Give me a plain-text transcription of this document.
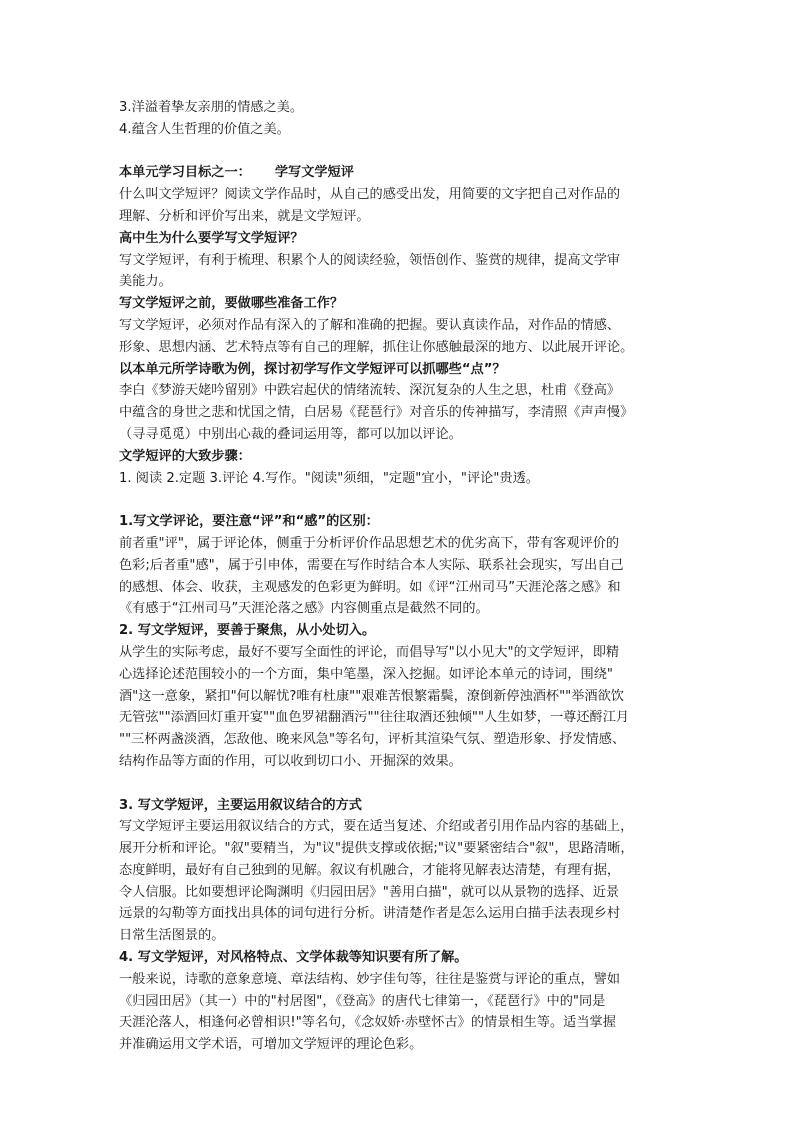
3.洋溢着挚友亲朋的情感之美。

4.蕴含人生哲理的价值之美。

本单元学习目标之一： 学写文学短评

什么叫文学短评？阅读文学作品时，从自己的感受出发，用简要的文字把自己对作品的

理解、分析和评价写出来，就是文学短评。

高中生为什么要学写文学短评？

写文学短评，有利于梳理、积累个人的阅读经验，领悟创作、鉴赏的规律，提高文学审

美能力。

写文学短评之前，要做哪些准备工作？

写文学短评，必须对作品有深入的了解和准确的把握。要认真读作品，对作品的情感、

形象、思想内涵、艺术特点等有自己的理解，抓住让你感触最深的地方、以此展开评论。

以本单元所学诗歌为例，探讨初学写作文学短评可以抓哪些“点”？

李白《梦游天姥吟留别》中跌宕起伏的情绪流转、深沉复杂的人生之思，杜甫《登高》

中蕴含的身世之悲和忧国之情，白居易《琵琶行》对音乐的传神描写，李清照《声声慢》

（寻寻觅觅）中别出心裁的叠词运用等，都可以加以评论。

文学短评的大致步骤：

1. 阅读 2.定题 3.评论 4.写作。"阅读"须细，"定题"宜小，"评论"贵透。

1.写文学评论，要注意“评”和“感”的区别：

前者重"评"，属于评论体，侧重于分析评价作品思想艺术的优劣高下，带有客观评价的

色彩;后者重"感"，属于引申体，需要在写作时结合本人实际、联系社会现实，写出自己

的感想、体会、收获，主观感发的色彩更为鲜明。如《评“江州司马”天涯沦落之感》和

《有感于“江州司马”天涯沦落之感》内容侧重点是截然不同的。

2. 写文学短评，要善于聚焦，从小处切入。

从学生的实际考虑，最好不要写全面性的评论，而倡导写"以小见大"的文学短评，即精

心选择论述范围较小的一个方面，集中笔墨，深入挖掘。如评论本单元的诗词，围绕"

酒"这一意象，紧扣"何以解忧?唯有杜康""艰难苦恨繁霜鬓，潦倒新停浊酒杯""举酒欲饮

无管弦""添酒回灯重开宴""血色罗裙翻酒污""往往取酒还独倾""人生如梦，一尊还酹江月

""三杯两盏淡酒，怎敌他、晚来风急"等名句，评析其渲染气氛、塑造形象、抒发情感、

结构作品等方面的作用，可以收到切口小、开掘深的效果。

3. 写文学短评，主要运用叙议结合的方式

写文学短评主要运用叙议结合的方式，要在适当复述、介绍或者引用作品内容的基础上，

展开分析和评论。"叙"要精当，为"议"提供支撑或依据;"议"要紧密结合"叙"，思路清晰，

态度鲜明，最好有自己独到的见解。叙议有机融合，才能将见解表达清楚，有理有据，

令人信服。比如要想评论陶渊明《归园田居》"善用白描"，就可以从景物的选择、近景

远景的勾勒等方面找出具体的词句进行分析。讲清楚作者是怎么运用白描手法表现乡村

日常生活图景的。

4. 写文学短评，对风格特点、文学体裁等知识要有所了解。

一般来说，诗歌的意象意境、章法结构、妙字佳句等，往往是鉴赏与评论的重点，譬如

《归园田居》（其一）中的"村居图"，《登高》的唐代七律第一，《琵琶行》中的"同是

天涯沦落人，相逢何必曾相识!"等名句，《念奴娇·赤壁怀古》的情景相生等。适当掌握

并准确运用文学术语，可增加文学短评的理论色彩。
